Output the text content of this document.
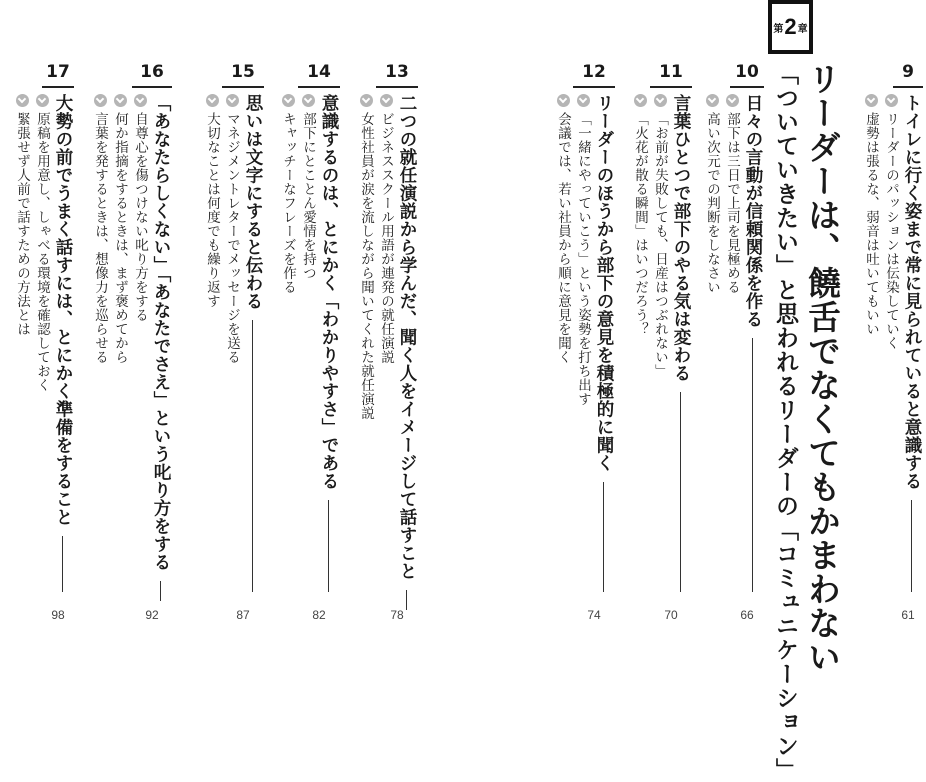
第 2 章
リーダーは、饒舌でなくてもかまわない
「ついていきたい」と思われるリーダーの「コミュニケーション」	9
トイレに行く姿まで常に見られていると意識する
リーダーのパッションは伝染していく
虚勢は張るな、弱音は吐いてもいい
61
10
日々の言動が信頼関係を作る
部下は三日で上司を見極める
高い次元での判断をしなさい
66
11
言葉ひとつで部下のやる気は変わる
「お前が失敗しても、日産はつぶれない」
「火花が散る瞬間」はいつだろう？
70
12
リーダーのほうから部下の意見を積極的に聞く
「一緒にやっていこう」という姿勢を打ち出す
会議では、若い社員から順に意見を聞く
74
13
二つの就任演説から学んだ、聞く人をイメージして話すこと
ビジネススクール用語が連発の就任演説
女性社員が涙を流しながら聞いてくれた就任演説
78
14
意識するのは、とにかく「わかりやすさ」である
部下にとことん愛情を持つ
キャッチーなフレーズを作る
82
15
思いは文字にすると伝わる
マネジメントレターでメッセージを送る
大切なことは何度でも繰り返す
87
16
「あなたらしくない」「あなたでさえ」という叱り方をする
自尊心を傷つけない叱り方をする
何か指摘をするときは、まず褒めてから
言葉を発するときは、想像力を巡らせる
92
17
大勢の前でうまく話すには、とにかく準備をすること
原稿を用意し、しゃべる環境を確認しておく
緊張せず人前で話すための方法とは
98
